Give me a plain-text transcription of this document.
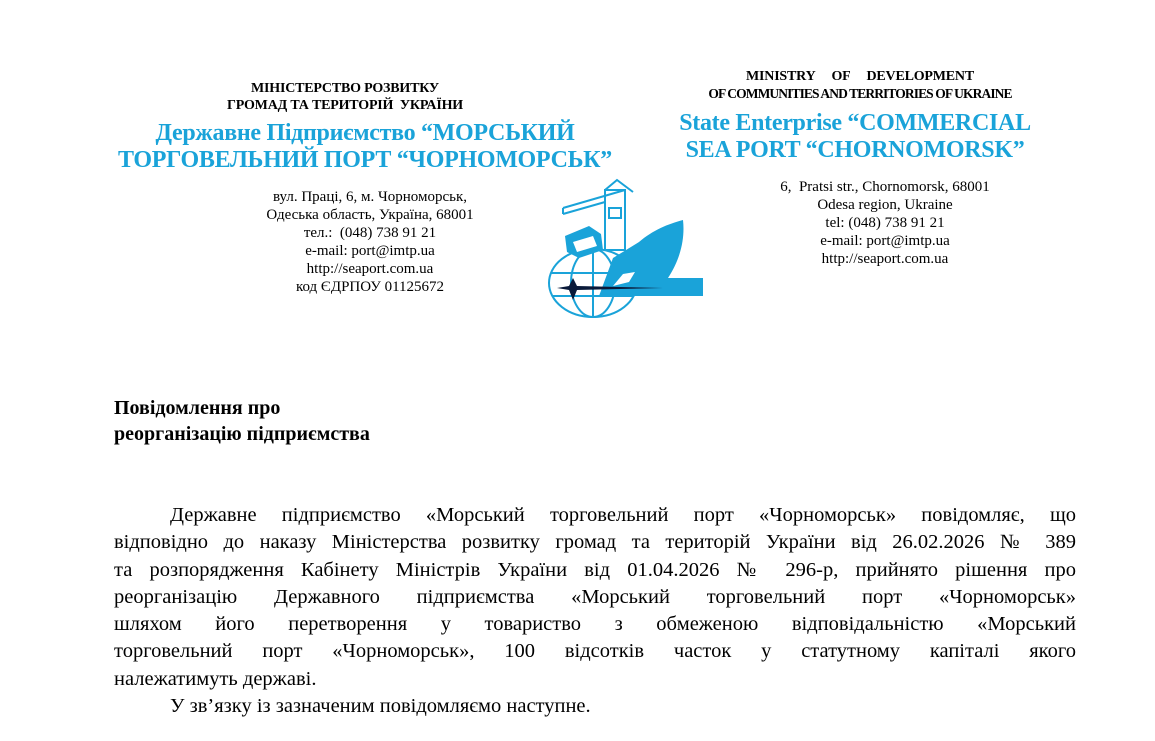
МІНІСТЕРСТВО РОЗВИТКУ
ГРОМАД ТА ТЕРИТОРІЙ  УКРАЇНИ
Державне Підприємство “МОРСЬКИЙ
ТОРГОВЕЛЬНИЙ ПОРТ “ЧОРНОМОРСЬК”
вул. Праці, 6, м. Чорноморськ,
Одеська область, Україна, 68001
тел.:  (048) 738 91 21
e-mail: port@imtp.ua
http://seaport.com.ua
код ЄДРПОУ 01125672
MINISTRY     OF     DEVELOPMENT
OF COMMUNITIES AND TERRITORIES OF UKRAINE
State Enterprise “COMMERCIAL
SEA PORT “CHORNOMORSK”
6,  Pratsi str., Chornomorsk, 68001
Odesa region, Ukraine
tel: (048) 738 91 21
e-mail: port@imtp.ua
http://seaport.com.ua
Повідомлення про
реорганізацію підприємства
Державне підприємство «Морський торговельний порт «Чорноморськ» повідомляє, що
відповідно до наказу Міністерства розвитку громад та територій України від 26.02.2026 № 389
та розпорядження Кабінету Міністрів України від 01.04.2026 № 296-р, прийнято рішення про
реорганізацію Державного підприємства «Морський торговельний порт «Чорноморськ»
шляхом його перетворення у товариство з обмеженою відповідальністю «Морський
торговельний порт «Чорноморськ», 100 відсотків часток у статутному капіталі якого
належатимуть державі.
У зв’язку із зазначеним повідомляємо наступне.
